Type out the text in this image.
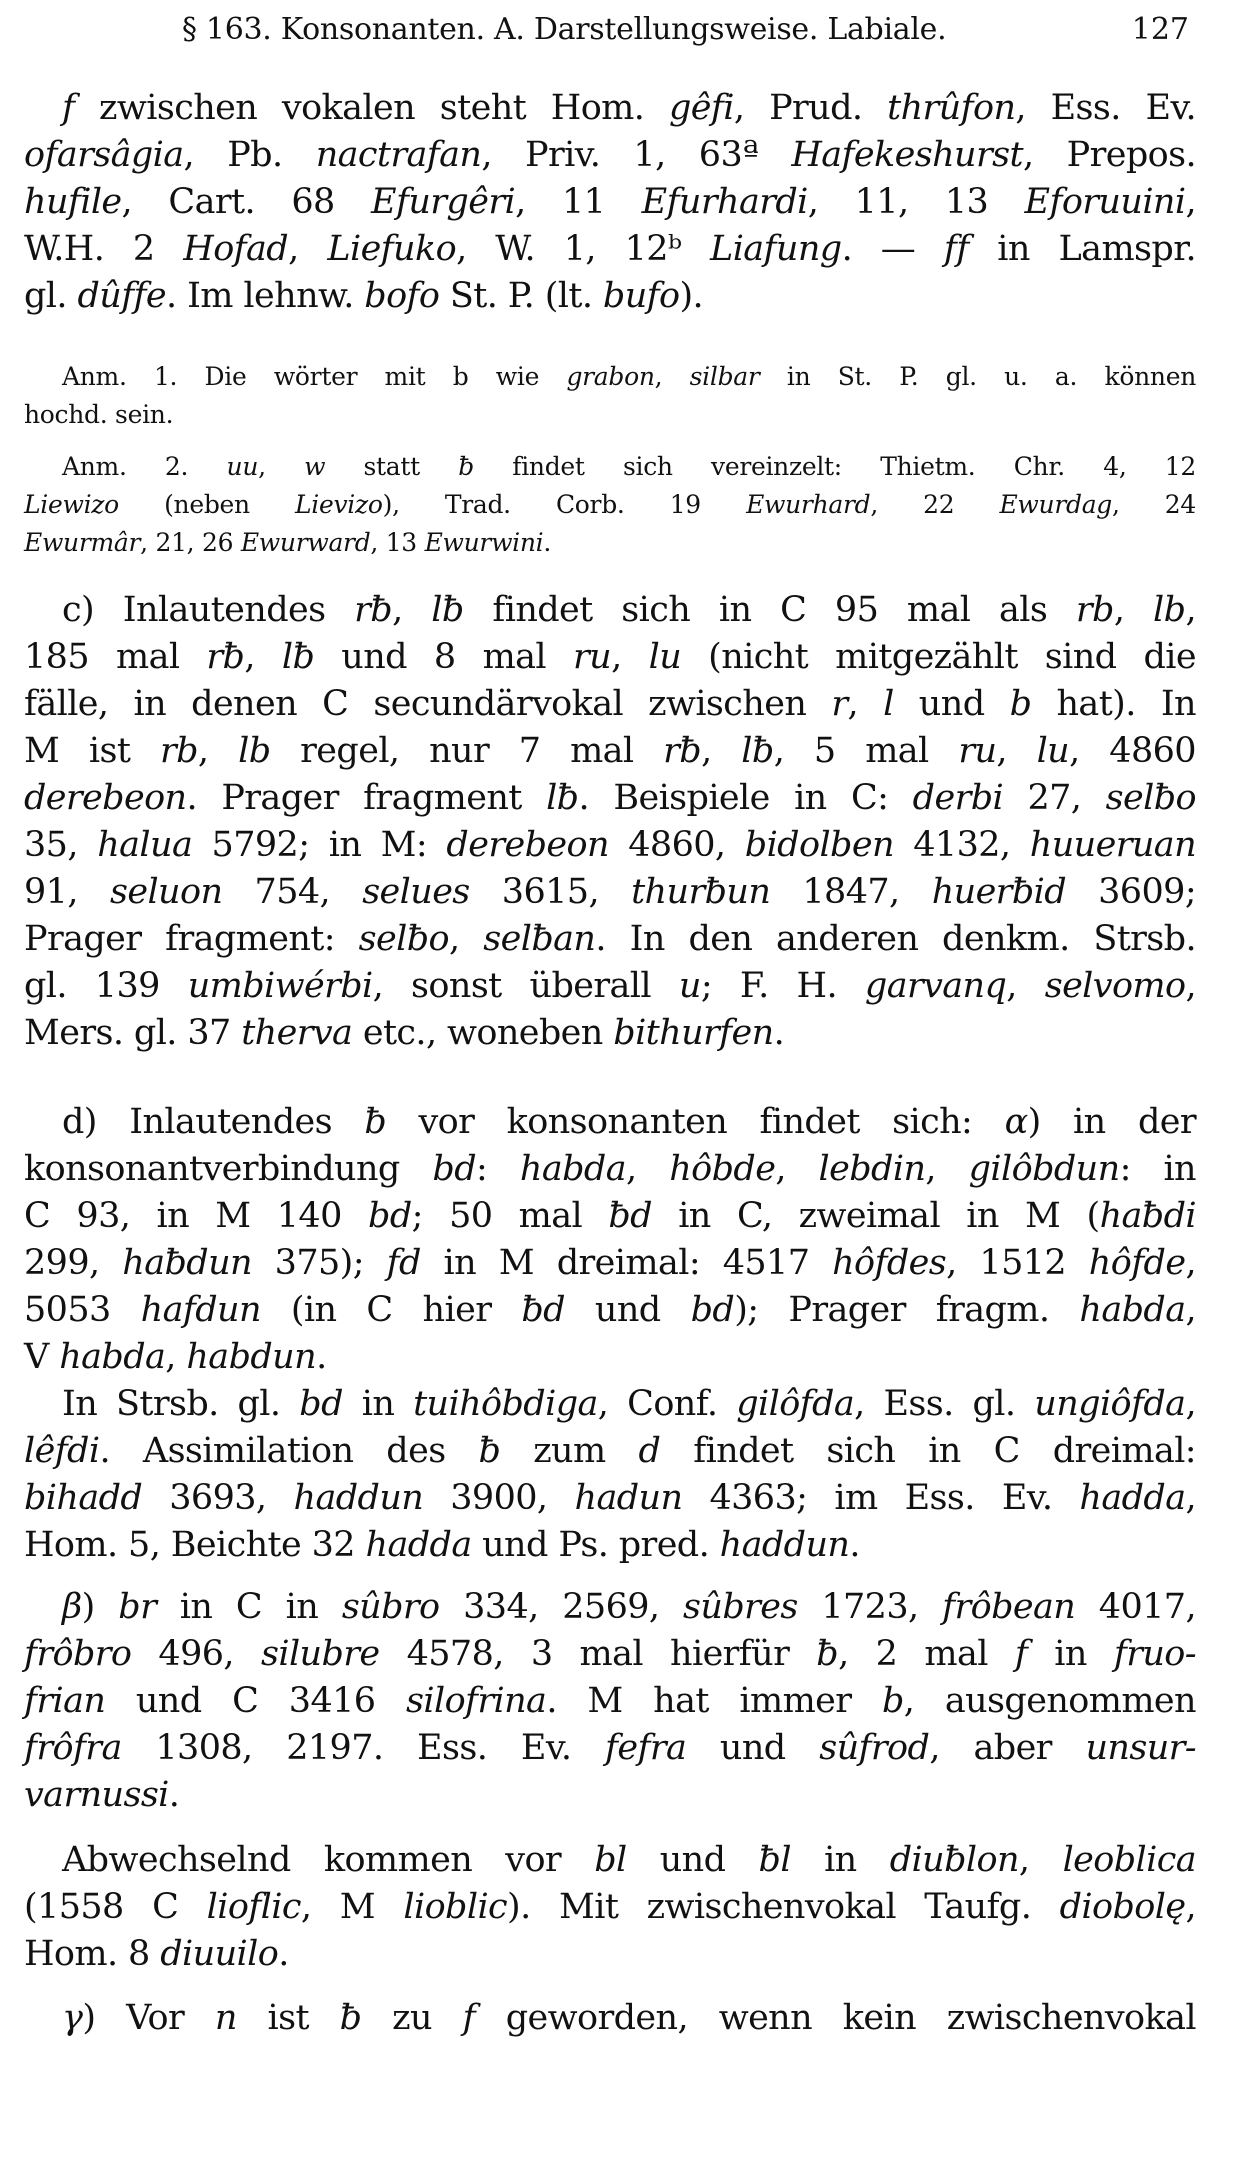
§ 163. Konsonanten. A. Darstellungsweise. Labiale.	127
f zwischen vokalen steht Hom. gêfi, Prud. thrûfon, Ess. Ev.
ofarsâgia, Pb. nactrafan, Priv. 1, 63ª Hafekeshurst, Prepos.
hufile, Cart. 68 Efurgêri, 11 Efurhardi, 11, 13 Eforuuini,
W.H. 2 Hofad, Liefuko, W. 1, 12ᵇ Liafung. — ff in Lamspr.
gl. dûffe. Im lehnw. bofo St. P. (lt. bufo).
Anm. 1. Die wörter mit b wie grabon, silbar in St. P. gl. u. a. können
hochd. sein.
Anm. 2. uu, w statt ƀ findet sich vereinzelt: Thietm. Chr. 4, 12
Liewizo (neben Lievizo), Trad. Corb. 19 Ewurhard, 22 Ewurdag, 24
Ewurmâr, 21, 26 Ewurward, 13 Ewurwini.
c) Inlautendes rƀ, lƀ findet sich in C 95 mal als rb, lb,
185 mal rƀ, lƀ und 8 mal ru, lu (nicht mitgezählt sind die
fälle, in denen C secundärvokal zwischen r, l und b hat). In
M ist rb, lb regel, nur 7 mal rƀ, lƀ, 5 mal ru, lu, 4860
derebeon. Prager fragment lƀ. Beispiele in C: derbi 27, selƀo
35, halua 5792; in M: derebeon 4860, bidolben 4132, huueruan
91, seluon 754, selues 3615, thurƀun 1847, huerƀid 3609;
Prager fragment: selƀo, selƀan. In den anderen denkm. Strsb.
gl. 139 umbiwérbi, sonst überall u; F. H. garvanq, selvomo,
Mers. gl. 37 therva etc., woneben bithurfen.
d) Inlautendes ƀ vor konsonanten findet sich: α) in der
konsonantverbindung bd: habda, hôbde, lebdin, gilôbdun: in
C 93, in M 140 bd; 50 mal ƀd in C, zweimal in M (haƀdi
299, haƀdun 375); fd in M dreimal: 4517 hôfdes, 1512 hôfde,
5053 hafdun (in C hier ƀd und bd); Prager fragm. habda,
V habda, habdun.
In Strsb. gl. bd in tuihôbdiga, Conf. gilôfda, Ess. gl. ungiôfda,
lêfdi. Assimilation des ƀ zum d findet sich in C dreimal:
bihadd 3693, haddun 3900, hadun 4363; im Ess. Ev. hadda,
Hom. 5, Beichte 32 hadda und Ps. pred. haddun.
β) br in C in sûbro 334, 2569, sûbres 1723, frôbean 4017,
frôbro 496, silubre 4578, 3 mal hierfür ƀ, 2 mal f in fruo-
frian und C 3416 silofrina. M hat immer b, ausgenommen
frôfra 1308, 2197. Ess. Ev. fefra und sûfrod, aber unsur-
varnussi.
Abwechselnd kommen vor bl und ƀl in diuƀlon, leoblica
(1558 C lioflic, M lioblic). Mit zwischenvokal Taufg. diobolę,
Hom. 8 diuuilo.
γ) Vor n ist ƀ zu f geworden, wenn kein zwischenvokal
